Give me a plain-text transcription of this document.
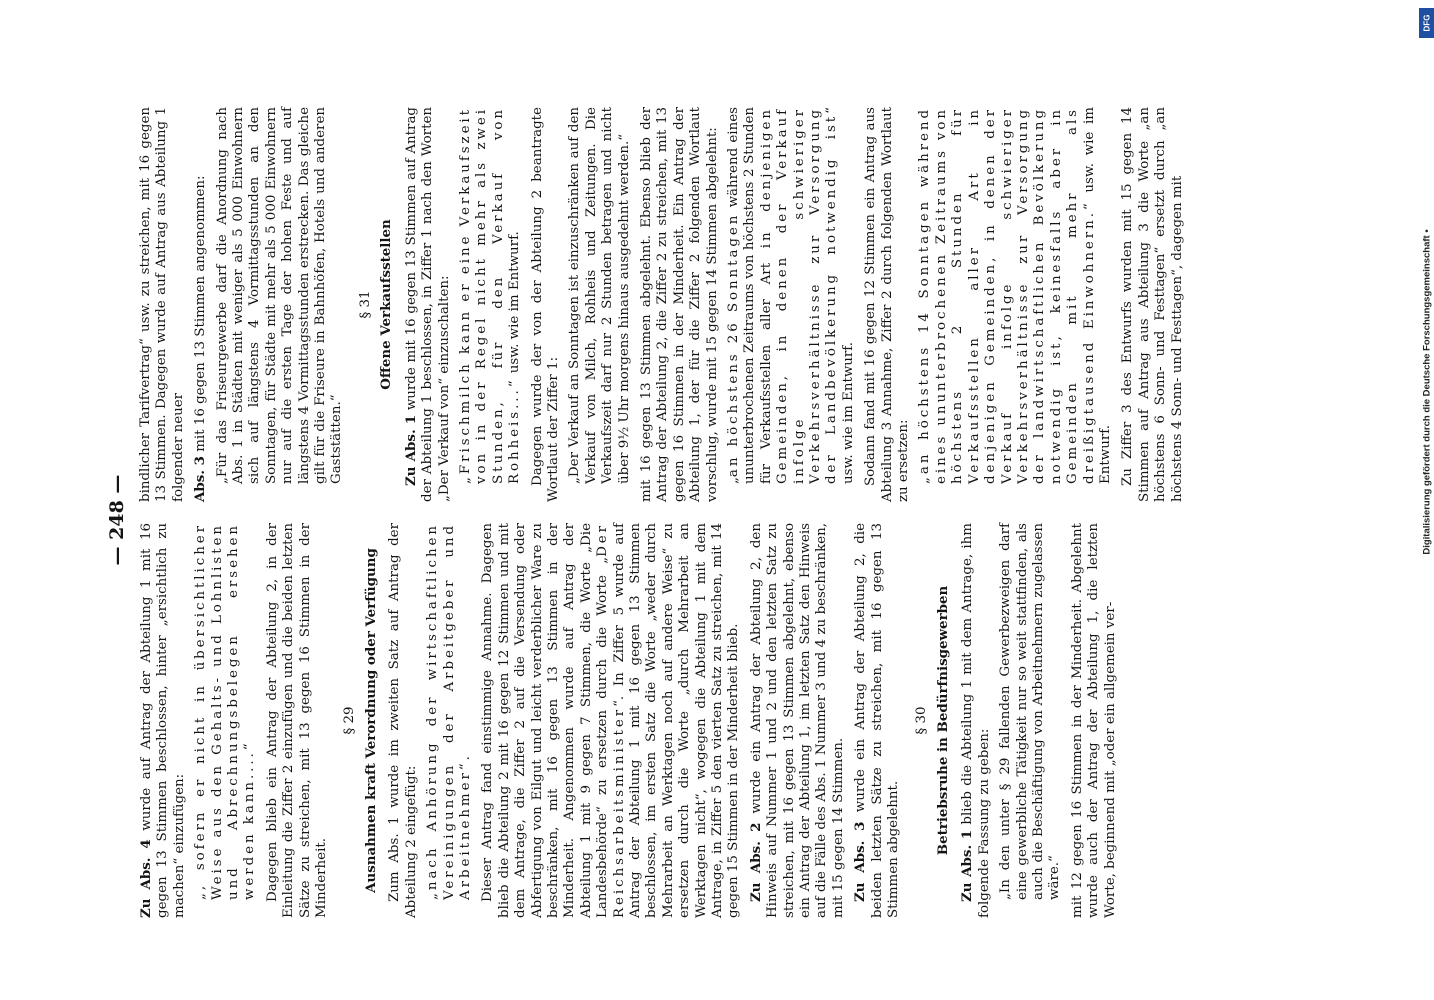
— 248 —

Zu Abs. 4 wurde auf Antrag der Abteilung 1 mit 16 gegen 13 Stimmen beschlossen, hinter „ersichtlich zu machen“ einzufügen: „, sofern er nicht in übersichtlicher Weise aus den Gehalts- und Lohnlisten und Abrechnungsbelegen ersehen werden kann....“ Dagegen blieb ein Antrag der Abteilung 2, in der Einleitung die Ziffer 2 einzufügen und die beiden letzten Sätze zu streichen, mit 13 gegen 16 Stimmen in der Minderheit.

§ 29 Ausnahmen kraft Verordnung oder Verfügung Zum Abs. 1 wurde im zweiten Satz auf Antrag der Abteilung 2 eingefügt: „nach Anhörung der wirtschaftlichen Vereinigungen der Arbeitgeber und Arbeitnehmer“. Dieser Antrag fand einstimmige Annahme. Dagegen blieb die Abteilung 2 mit 16 gegen 12 Stimmen und mit dem Antrage, die Ziffer 2 auf die Versendung oder Abfertigung von Eilgut und leicht verderblicher Ware zu beschränken, mit 16 gegen 13 Stimmen in der Minderheit. Angenommen wurde auf Antrag der Abteilung 1 mit 9 gegen 7 Stimmen, die Worte „Die Landesbehörde“ zu ersetzen durch die Worte „Der Reichsarbeitsminister“. In Ziffer 5 wurde auf Antrag der Abteilung 1 mit 16 gegen 13 Stimmen beschlossen, im ersten Satz die Worte „weder durch Mehrarbeit an Werktagen noch auf andere Weise“ zu ersetzen durch die Worte „durch Mehrarbeit an Werktagen nicht“, wogegen die Abteilung 1 mit dem Antrage, in Ziffer 5 den vierten Satz zu streichen, mit 14 gegen 15 Stimmen in der Minderheit blieb. Zu Abs. 2 wurde ein Antrag der Abteilung 2, den Hinweis auf Nummer 1 und 2 und den letzten Satz zu streichen, mit 16 gegen 13 Stimmen abgelehnt, ebenso ein Antrag der Abteilung 1, im letzten Satz den Hinweis auf die Fälle des Abs. 1 Nummer 3 und 4 zu beschränken, mit 15 gegen 14 Stimmen. Zu Abs. 3 wurde ein Antrag der Abteilung 2, die beiden letzten Sätze zu streichen, mit 16 gegen 13 Stimmen abgelehnt.

§ 30 Betriebsruhe in Bedürfnisgewerben

Zu Abs. 1 blieb die Abteilung 1 mit dem Antrage, ihm folgende Fassung zu geben: „In den unter § 29 fallenden Gewerbezweigen darf eine gewerbliche Tätigkeit nur so weit stattfinden, als auch die Beschäftigung von Arbeitnehmern zugelassen wäre.“ mit 12 gegen 16 Stimmen in der Minderheit. Abgelehnt wurde auch der Antrag der Abteilung 1, die letzten Worte, beginnend mit „oder ein allgemein ver-

bindlicher Tarifvertrag“ usw. zu streichen, mit 16 gegen 13 Stimmen. Dagegen wurde auf Antrag aus Abteilung 1 folgender neuer Abs. 3 mit 16 gegen 13 Stimmen angenommen: „Für das Friseurgewerbe darf die Anordnung nach Abs. 1 in Städten mit weniger als 5 000 Einwohnern sich auf längstens 4 Vormittagsstunden an den Sonntagen, für Städte mit mehr als 5 000 Einwohnern nur auf die ersten Tage der hohen Feste und auf längstens 4 Vormittagsstunden erstrecken. Das gleiche gilt für die Friseure in Bahnhöfen, Hotels und anderen Gaststätten.“

§ 31 Offene Verkaufsstellen

Zu Abs. 1 wurde mit 16 gegen 13 Stimmen auf Antrag der Abteilung 1 beschlossen, in Ziffer 1 nach den Worten „Der Verkauf von“ einzuschalten: „Frischmilch kann er eine Verkaufszeit von in der Regel nicht mehr als zwei Stunden, für den Verkauf von Rohheis...“ usw. wie im Entwurf. Dagegen wurde der von der Abteilung 2 beantragte Wortlaut der Ziffer 1: „Der Verkauf an Sonntagen ist einzuschränken auf den Verkauf von Milch, Rohheis und Zeitungen. Die Verkaufszeit darf nur 2 Stunden betragen und nicht über 9½ Uhr morgens hinaus ausgedehnt werden.“ mit 16 gegen 13 Stimmen abgelehnt. Ebenso blieb der Antrag der Abteilung 2, die Ziffer 2 zu streichen, mit 13 gegen 16 Stimmen in der Minderheit. Ein Antrag der Abteilung 1, der für die Ziffer 2 folgenden Wortlaut vorschlug, wurde mit 15 gegen 14 Stimmen abgelehnt: „an höchstens 26 Sonntagen während eines ununterbrochenen Zeitraums von höchstens 2 Stunden für Verkaufsstellen aller Art in denjenigen Gemeinden, in denen der Verkauf infolge schwieriger Verkehrsverhältnisse zur Versorgung der Landbevölkerung notwendig ist“ usw. wie im Entwurf. Sodann fand mit 16 gegen 12 Stimmen ein Antrag aus Abteilung 3 Annahme, Ziffer 2 durch folgenden Wortlaut zu ersetzen: „an höchstens 14 Sonntagen während eines ununterbrochenen Zeitraums von höchstens 2 Stunden für Verkaufsstellen aller Art in denjenigen Gemeinden, in denen der Verkauf infolge schwieriger Verkehrsverhältnisse zur Versorgung der landwirtschaftlichen Bevölkerung notwendig ist, keinesfalls aber in Gemeinden mit mehr als dreißigtausend Einwohnern.“ usw. wie im Entwurf. Zu Ziffer 3 des Entwurfs wurden mit 15 gegen 14 Stimmen auf Antrag aus Abteilung 3 die Worte „an höchstens 6 Sonn- und Festtagen“ ersetzt durch „an höchstens 4 Sonn- und Festtagen“, dagegen mit

DFG
Digitalisierung gefördert durch die Deutsche Forschungsgemeinschaft •
